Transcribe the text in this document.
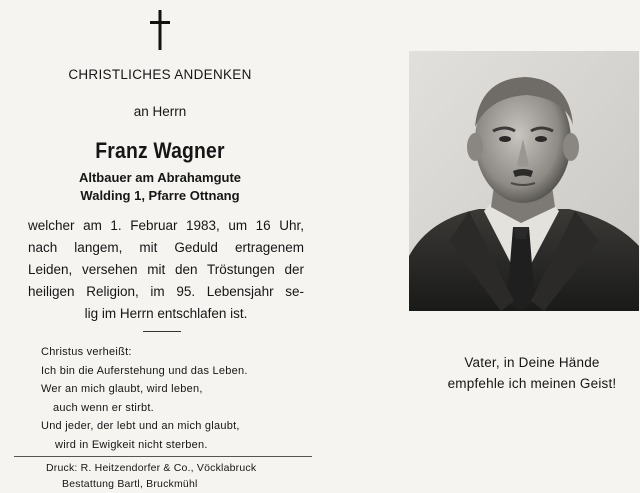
CHRISTLICHES ANDENKEN
an Herrn
Franz Wagner
Altbauer am Abrahamgute
Walding 1, Pfarre Ottnang
welcher am 1. Februar 1983, um 16 Uhr,
nach langem, mit Geduld ertragenem
Leiden, versehen mit den Tröstungen der
heiligen Religion, im 95. Lebensjahr se-
lig im Herrn entschlafen ist.
Christus verheißt:
Ich bin die Auferstehung und das Leben.
Wer an mich glaubt, wird leben,
auch wenn er stirbt.
Und jeder, der lebt und an mich glaubt,
wird in Ewigkeit nicht sterben.
Druck: R. Heitzendorfer & Co., Vöcklabruck
Bestattung Bartl, Bruckmühl
Vater, in Deine Hände
empfehle ich meinen Geist!
